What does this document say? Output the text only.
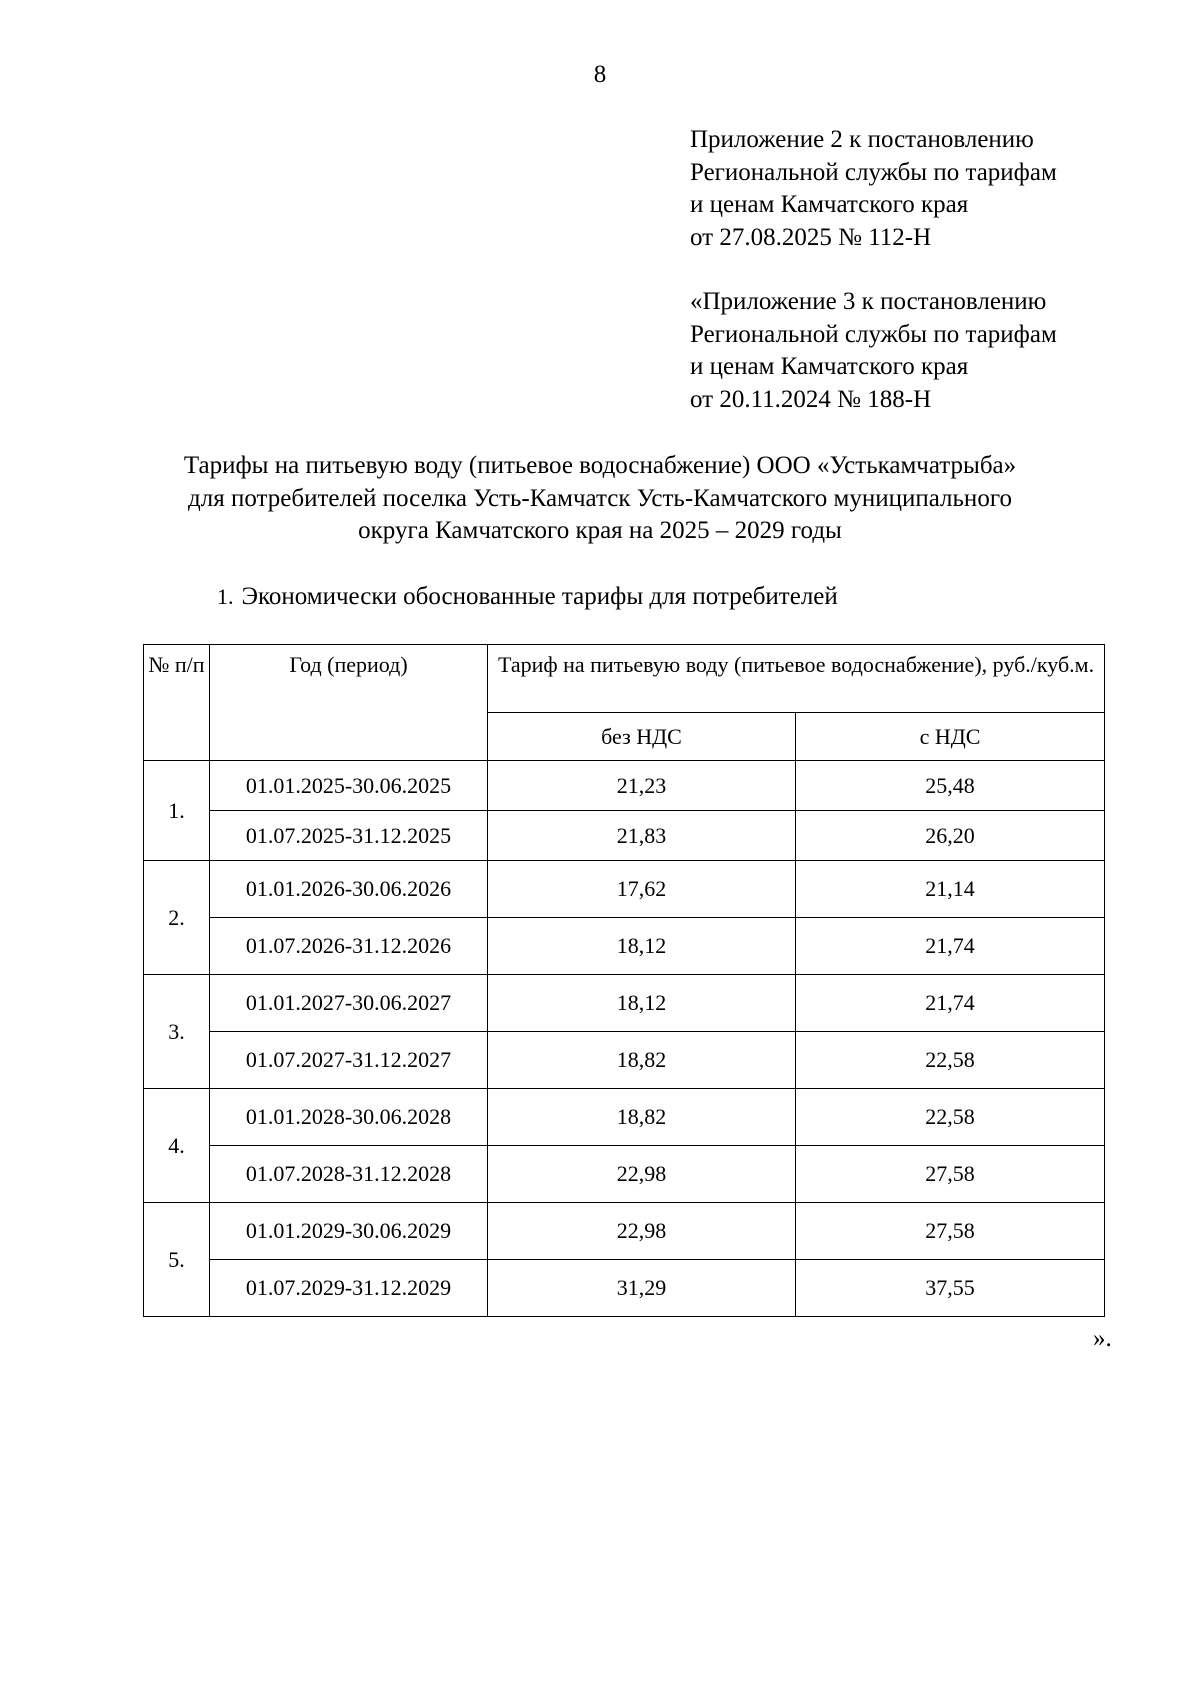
8
Приложение 2 к постановлению
Региональной службы по тарифам
и ценам Камчатского края
от 27.08.2025 № 112-Н
«Приложение 3 к постановлению
Региональной службы по тарифам
и ценам Камчатского края
от 20.11.2024 № 188-Н
Тарифы на питьевую воду (питьевое водоснабжение) ООО «Устькамчатрыба»
для потребителей поселка Усть-Камчатск Усть-Камчатского муниципального
округа Камчатского края на 2025 – 2029 годы
1. Экономически обоснованные тарифы для потребителей
№ п/п	Год (период)	Тариф на питьевую воду (питьевое водоснабжение), руб./куб.м.	
		без НДС	с НДС
1.	01.01.2025-30.06.2025	21,23	25,48
	01.07.2025-31.12.2025	21,83	26,20
2.	01.01.2026-30.06.2026	17,62	21,14
	01.07.2026-31.12.2026	18,12	21,74
3.	01.01.2027-30.06.2027	18,12	21,74
	01.07.2027-31.12.2027	18,82	22,58
4.	01.01.2028-30.06.2028	18,82	22,58
	01.07.2028-31.12.2028	22,98	27,58
5.	01.01.2029-30.06.2029	22,98	27,58
	01.07.2029-31.12.2029	31,29	37,55
».
